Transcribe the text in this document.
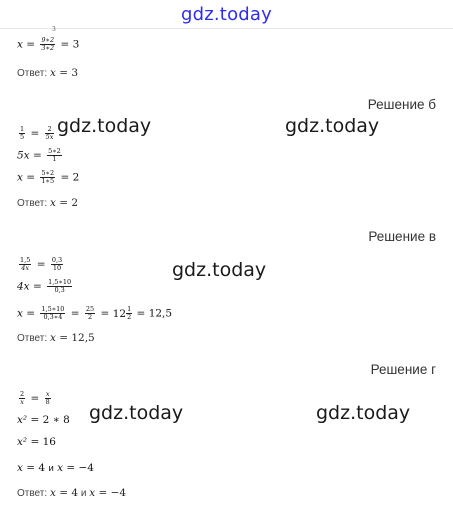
gdz.today
3
$x = \frac{9∗2}{3∗2} = 3$
Ответ: x = 3
Решение б
gdz.today	gdz.today
$\frac{1}{5} = \frac{2}{5x}$
$5x = \frac{5∗2}{1}$
$x = \frac{5∗2}{1∗5} = 2$
Ответ: x = 2
Решение в
gdz.today
$\frac{1,5}{4x} = \frac{0,3}{10}$
$4x = \frac{1,5∗10}{0,3}$
$x = \frac{1,5∗10}{0,3∗4} = \frac{25}{2} = 12 \frac{1}{2} = 12,5$
Ответ: x = 12,5
Решение г
gdz.today	gdz.today
$\frac{2}{x} = \frac{x}{8}$
x² = 2 ∗ 8
x² = 16
x = 4 и x = −4
Ответ: x = 4 и x = −4
